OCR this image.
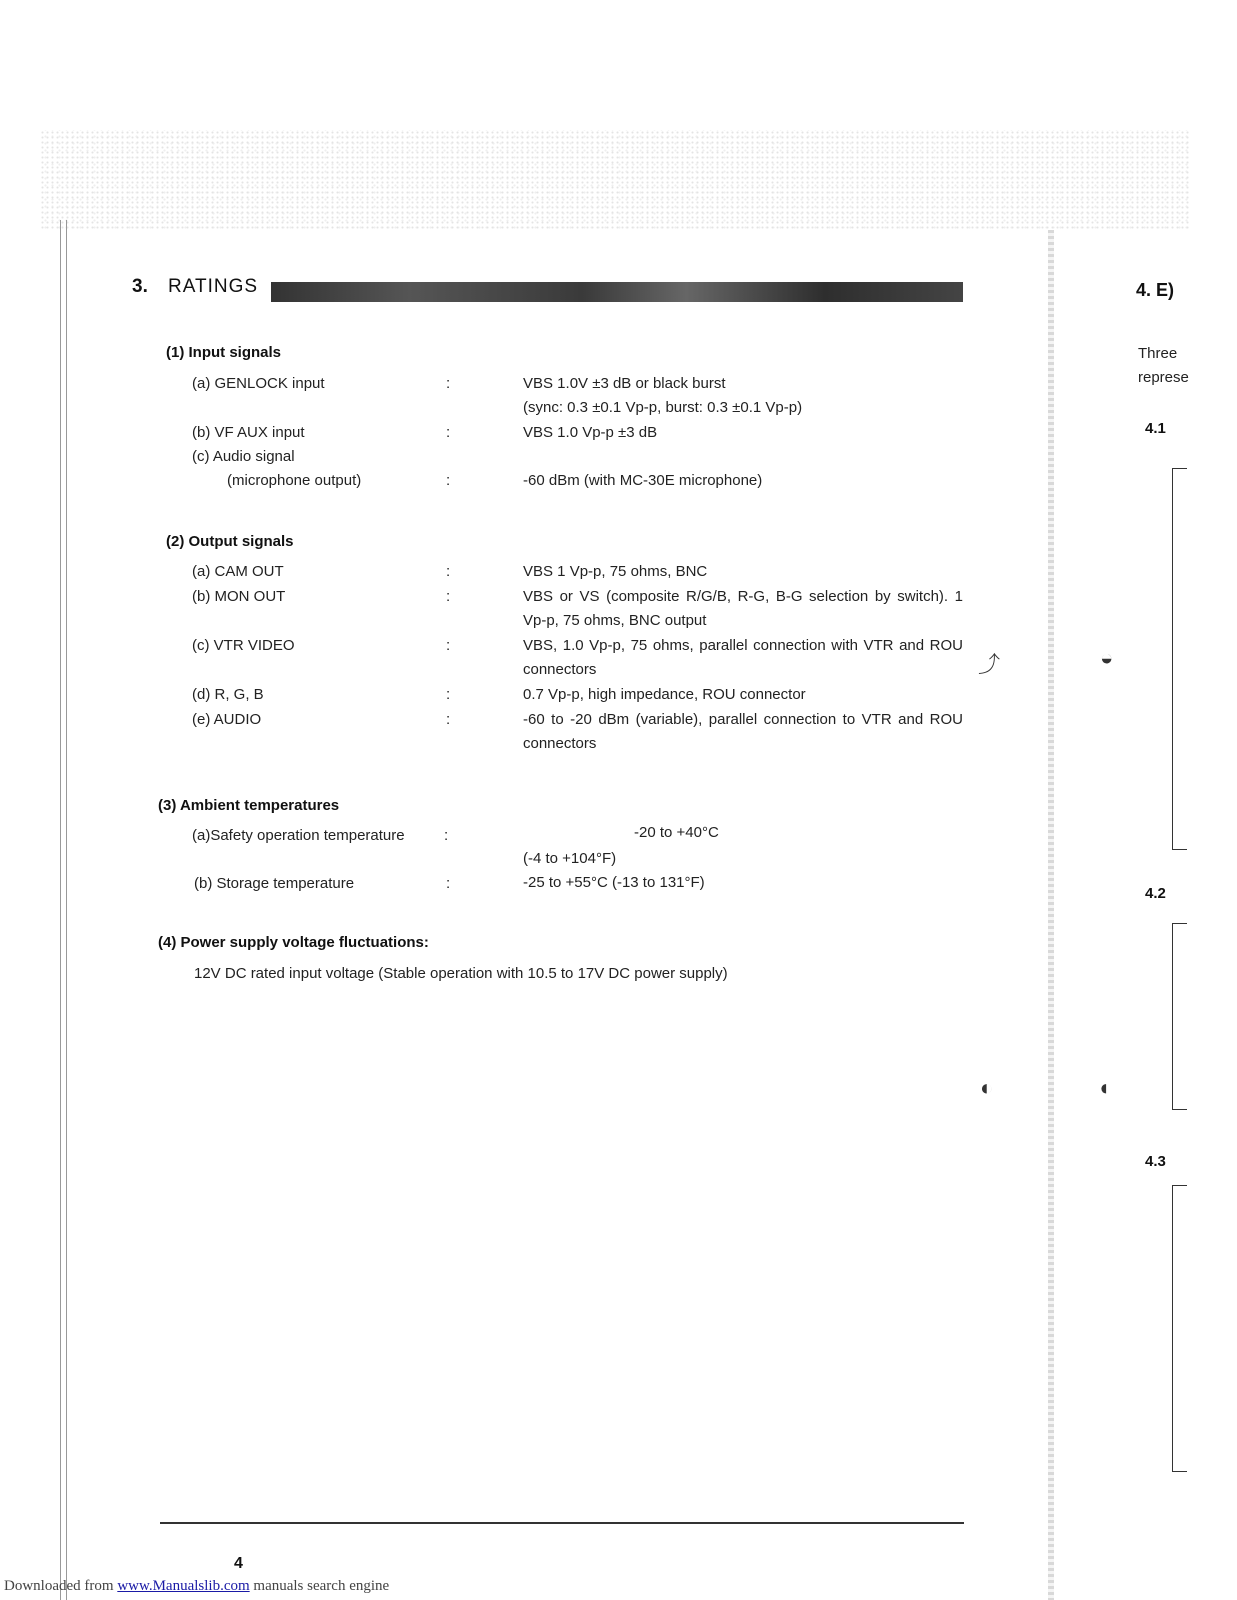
3.	RATINGS
(1) Input signals
(a) GENLOCK input	:	VBS 1.0V ±3 dB or black burst
(sync: 0.3 ±0.1 Vp-p, burst: 0.3 ±0.1 Vp-p)
(b) VF AUX input	:	VBS 1.0 Vp-p ±3 dB
(c) Audio signal
(microphone output)	:	-60 dBm (with MC-30E microphone)
(2) Output signals
(a) CAM OUT	:	VBS 1 Vp-p, 75 ohms, BNC
(b) MON OUT	:	VBS or VS (composite R/G/B, R-G, B-G selection by switch). 1 Vp-p, 75 ohms, BNC output
(c) VTR VIDEO	:	VBS, 1.0 Vp-p, 75 ohms, parallel connection with VTR and ROU connectors
(d) R, G, B	:	0.7 Vp-p, high impedance, ROU connector
(e) AUDIO	:	-60 to -20 dBm (variable), parallel connection to VTR and ROU connectors
(3) Ambient temperatures
(a)Safety operation temperature	:	-20 to +40°C
(-4 to +104°F)
(b) Storage temperature	:	-25 to +55°C (-13 to 131°F)
(4) Power supply voltage fluctuations:
12V DC rated input voltage (Stable operation with 10.5 to 17V DC power supply)
4
Downloaded from www.Manualslib.com manuals search engine
4. E)
Three
represe
4.1
4.2
4.3
⤴
◐
◒
◖
